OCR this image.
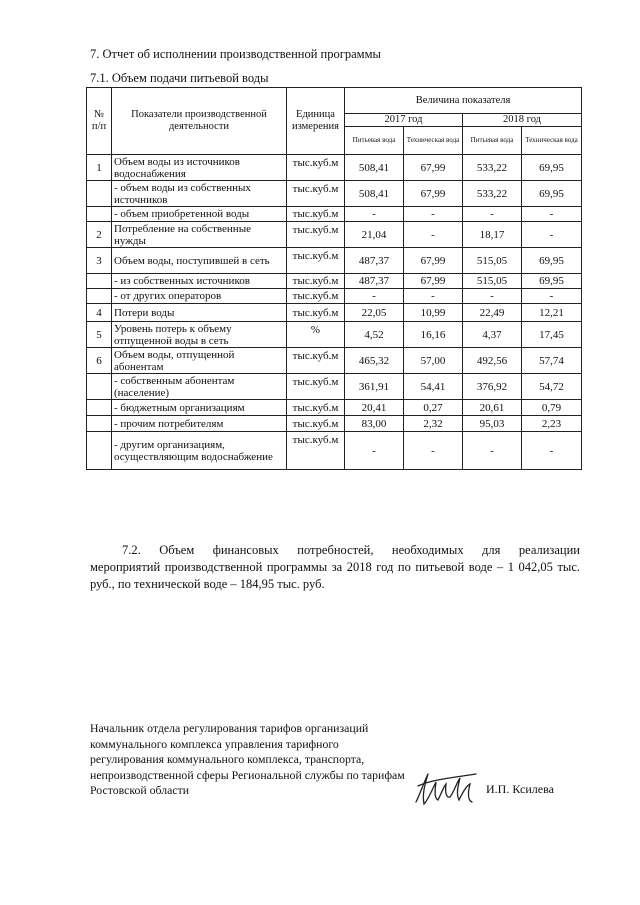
7. Отчет об исполнении производственной программы
7.1. Объем подачи питьевой воды
№ п/п	Показатели производственной деятельности	Единица измерения	Величина показателя			
			2017 год		2018 год	
			Питьевая вода	Техническая вода	Питьевая вода	Техническая вода
1	Объем воды из источников водоснабжения	тыс.куб.м	508,41	67,99	533,22	69,95
	- объем воды из собственных источников	тыс.куб.м	508,41	67,99	533,22	69,95
	- объем приобретенной воды	тыс.куб.м	-	-	-	-
2	Потребление на собственные нужды	тыс.куб.м	21,04	-	18,17	-
3	Объем воды, поступившей в сеть	тыс.куб.м	487,37	67,99	515,05	69,95
	- из собственных источников	тыс.куб.м	487,37	67,99	515,05	69,95
	- от других операторов	тыс.куб.м	-	-	-	-
4	Потери воды	тыс.куб.м	22,05	10,99	22,49	12,21
5	Уровень потерь к объему отпущенной воды в сеть	%	4,52	16,16	4,37	17,45
6	Объем воды, отпущенной абонентам	тыс.куб.м	465,32	57,00	492,56	57,74
	- собственным абонентам (население)	тыс.куб.м	361,91	54,41	376,92	54,72
	- бюджетным организациям	тыс.куб.м	20,41	0,27	20,61	0,79
	- прочим потребителям	тыс.куб.м	83,00	2,32	95,03	2,23
	- другим организациям, осуществляющим водоснабжение	тыс.куб.м	-	-	-	-
7.2. Объем финансовых потребностей, необходимых для реализации
мероприятий производственной программы за 2018 год по питьевой воде – 1 042,05 тыс. руб., по технической воде – 184,95 тыс. руб.
Начальник отдела регулирования тарифов организаций коммунального комплекса управления тарифного регулирования коммунального комплекса, транспорта, непроизводственной сферы Региональной службы по тарифам Ростовской области	И.П. Ксилева
